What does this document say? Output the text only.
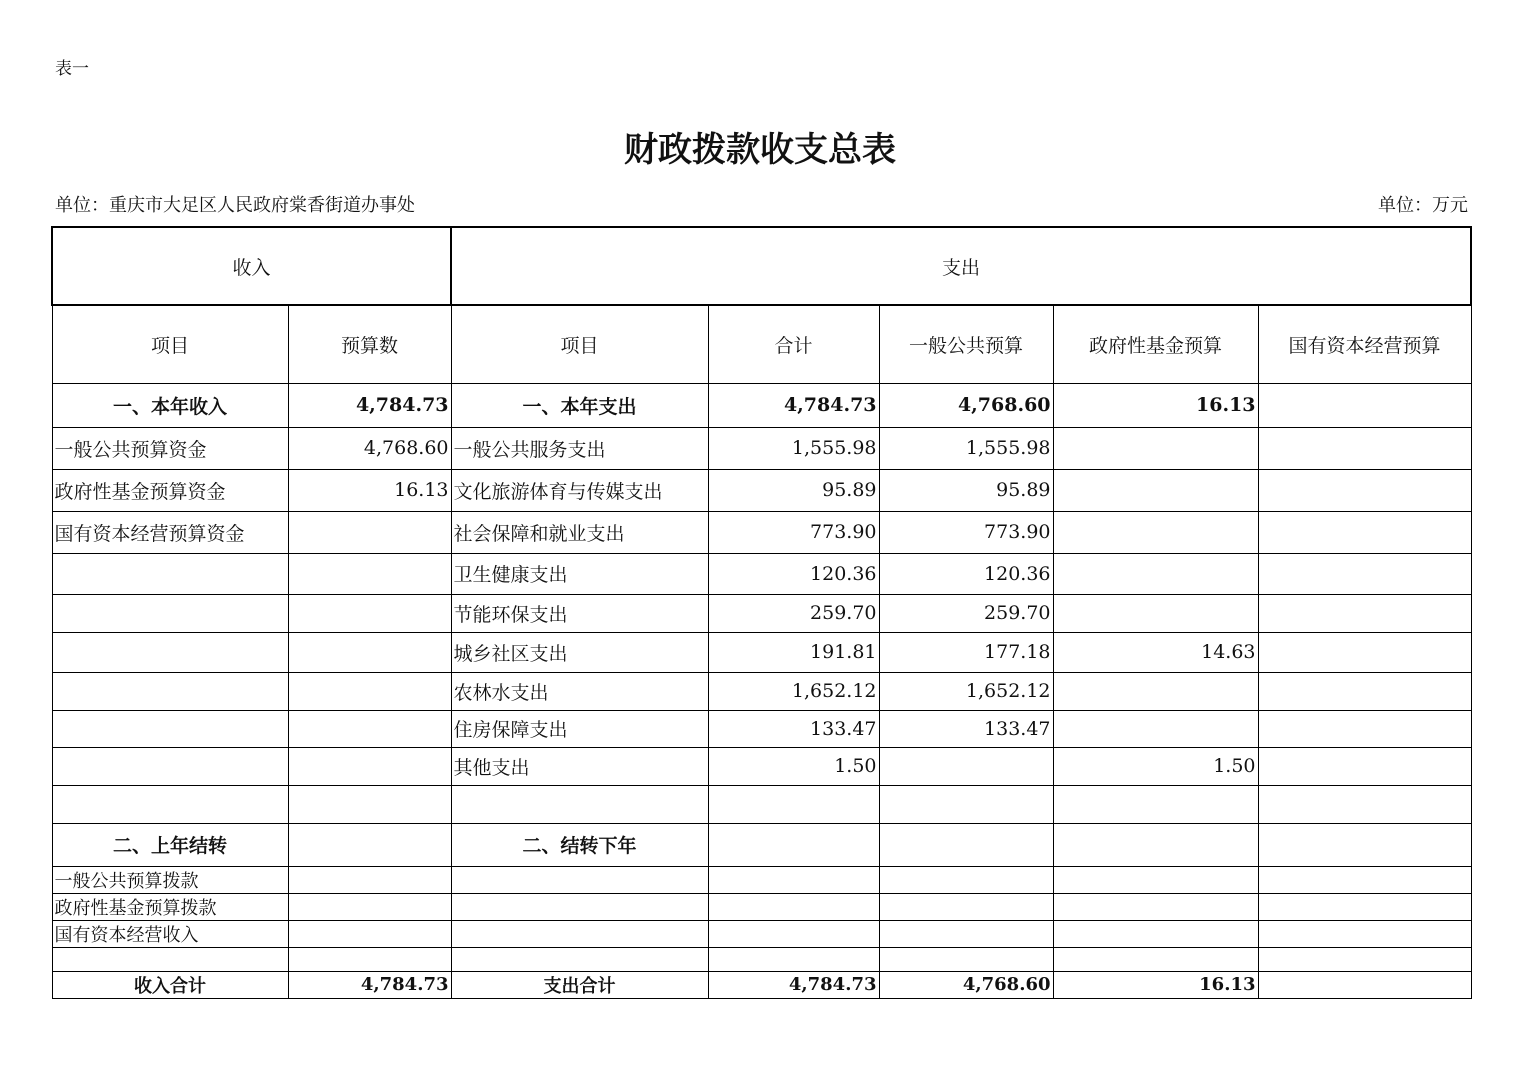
表一
财政拨款收支总表
单位：重庆市大足区人民政府棠香街道办事处	单位：万元
收入		支出				
项目	预算数	项目	合计	一般公共预算	政府性基金预算	国有资本经营预算
一、本年收入	4,784.73	一、本年支出	4,784.73	4,768.60	16.13	
一般公共预算资金	4,768.60	一般公共服务支出	1,555.98	1,555.98		
政府性基金预算资金	16.13	文化旅游体育与传媒支出	95.89	95.89		
国有资本经营预算资金		社会保障和就业支出	773.90	773.90		
		卫生健康支出	120.36	120.36		
		节能环保支出	259.70	259.70		
		城乡社区支出	191.81	177.18	14.63	
		农林水支出	1,652.12	1,652.12		
		住房保障支出	133.47	133.47		
		其他支出	1.50		1.50	

二、上年结转		二、结转下年				
一般公共预算拨款						
政府性基金预算拨款						
国有资本经营收入						

收入合计	4,784.73	支出合计	4,784.73	4,768.60	16.13	
